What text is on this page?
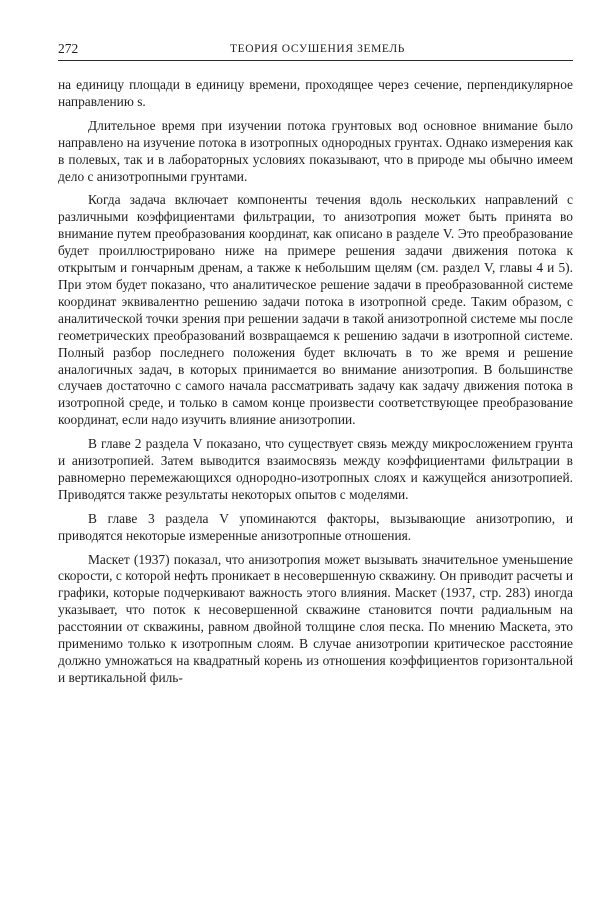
272	ТЕОРИЯ ОСУШЕНИЯ ЗЕМЕЛЬ

на единицу площади в единицу времени, проходящее через сечение, перпендикулярное направлению s.

Длительное время при изучении потока грунтовых вод основное внимание было направлено на изучение потока в изотропных однородных грунтах. Однако измерения как в полевых, так и в лабораторных условиях показывают, что в природе мы обычно имеем дело с анизотропными грунтами.

Когда задача включает компоненты течения вдоль нескольких направлений с различными коэффициентами фильтрации, то анизотропия может быть принята во внимание путем преобразования координат, как описано в разделе V. Это преобразование будет проиллюстрировано ниже на примере решения задачи движения потока к открытым и гончарным дренам, а также к небольшим щелям (см. раздел V, главы 4 и 5). При этом будет показано, что аналитическое решение задачи в преобразованной системе координат эквивалентно решению задачи потока в изотропной среде. Таким образом, с аналитической точки зрения при решении задачи в такой анизотропной системе мы после геометрических преобразований возвращаемся к решению задачи в изотропной системе. Полный разбор последнего положения будет включать в то же время и решение аналогичных задач, в которых принимается во внимание анизотропия. В большинстве случаев достаточно с самого начала рассматривать задачу как задачу движения потока в изотропной среде, и только в самом конце произвести соответствующее преобразование координат, если надо изучить влияние анизотропии.

В главе 2 раздела V показано, что существует связь между микросложением грунта и анизотропией. Затем выводится взаимосвязь между коэффициентами фильтрации в равномерно перемежающихся однородно-изотропных слоях и кажущейся анизотропией. Приводятся также результаты некоторых опытов с моделями.

В главе 3 раздела V упоминаются факторы, вызывающие анизотропию, и приводятся некоторые измеренные анизотропные отношения.

Маскет (1937) показал, что анизотропия может вызывать значительное уменьшение скорости, с которой нефть проникает в несовершенную скважину. Он приводит расчеты и графики, которые подчеркивают важность этого влияния. Маскет (1937, стр. 283) иногда указывает, что поток к несовершенной скважине становится почти радиальным на расстоянии от скважины, равном двойной толщине слоя песка. По мнению Маскета, это применимо только к изотропным слоям. В случае анизотропии критическое расстояние должно умножаться на квадратный корень из отношения коэффициентов горизонтальной и вертикальной филь-
